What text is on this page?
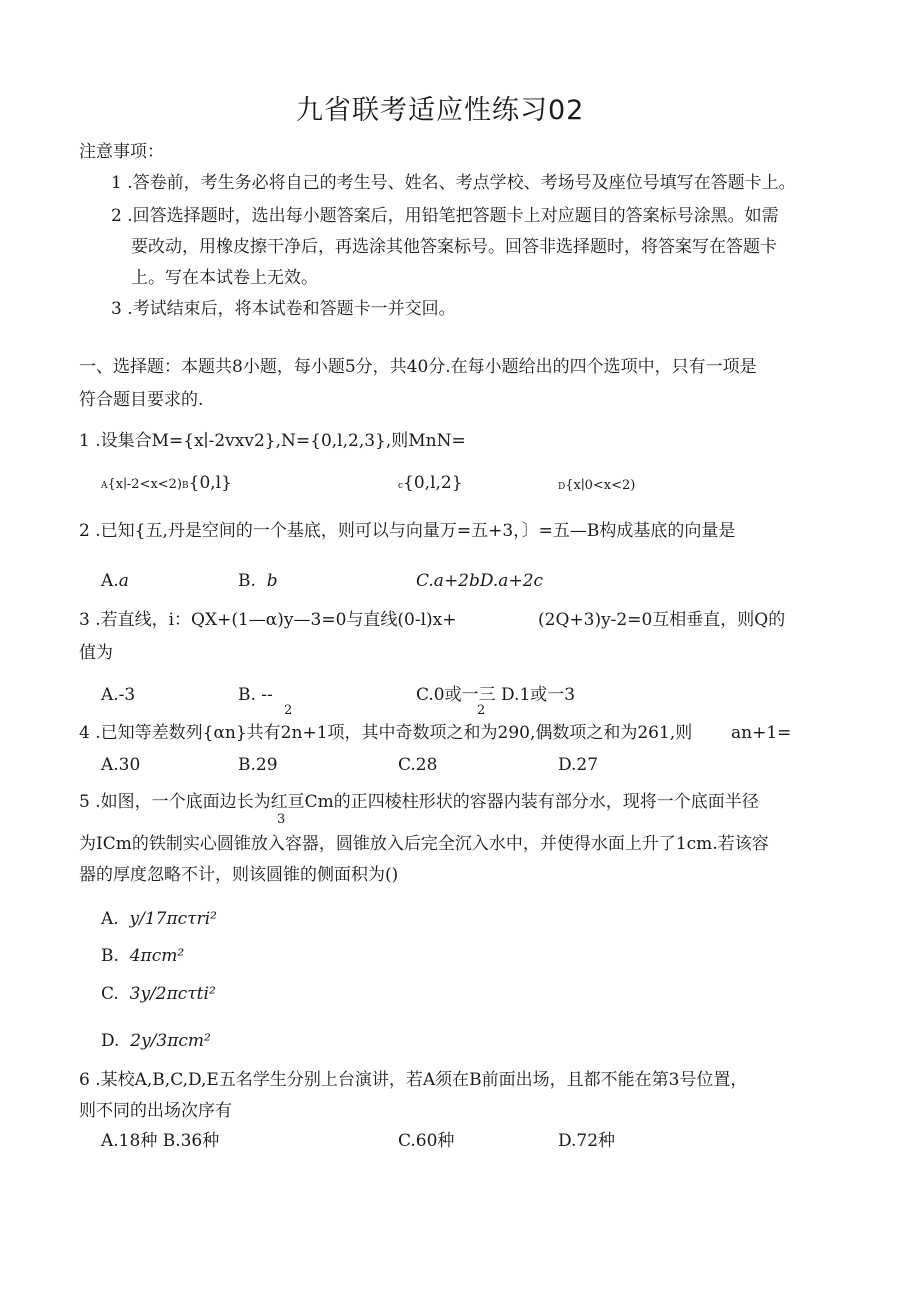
九省联考适应性练习02
注意事项：
1 .答卷前，考生务必将自己的考生号、姓名、考点学校、考场号及座位号填写在答题卡上。
2 .回答选择题时，选出每小题答案后，用铅笔把答题卡上对应题目的答案标号涂黑。如需
要改动，用橡皮擦干净后，再选涂其他答案标号。回答非选择题时，将答案写在答题卡
上。写在本试卷上无效。
3 .考试结束后，将本试卷和答题卡一并交回。
一、选择题：本题共8小题，每小题5分，共40分.在每小题给出的四个选项中，只有一项是
符合题目要求的.
1 .设集合M={x∣-2vxv2},N={0,l,2,3},则MnN=
A{x∣-2<x<2)B{0,l}	c{0,l,2}	D{x∣0<x<2)
2 .已知{五,丹是空间的一个基底，则可以与向量万=五+3，〕=五—B构成基底的向量是
A.a	B. b	C.a+2bD.a+2c
3 .若直线，i：QX+(1—α)y—3=0与直线(0-l)x+	(2Q+3)y-2=0互相垂直，则Q的
值为
A.-3	B. --
2
C.0或一三 D.1或一3
2
4 .已知等差数列{αn}共有2n+1项，其中奇数项之和为290,偶数项之和为261,则 an+1=
A.30	B.29	C.28	D.27
5 .如图，一个底面边长为红亘Cm的正四棱柱形状的容器内装有部分水，现将一个底面半径
3
为ICm的铁制实心圆锥放入容器，圆锥放入后完全沉入水中，并使得水面上升了1cm.若该容
器的厚度忽略不计，则该圆锥的侧面积为()
A. y/17πcτri²
B. 4πcm²
C. 3y/2πcτti²
D. 2y/3πcm²
6 .某校A,B,C,D,E五名学生分别上台演讲，若A须在B前面出场，且都不能在第3号位置，
则不同的出场次序有
A.18种 B.36种	C.60种	D.72种
